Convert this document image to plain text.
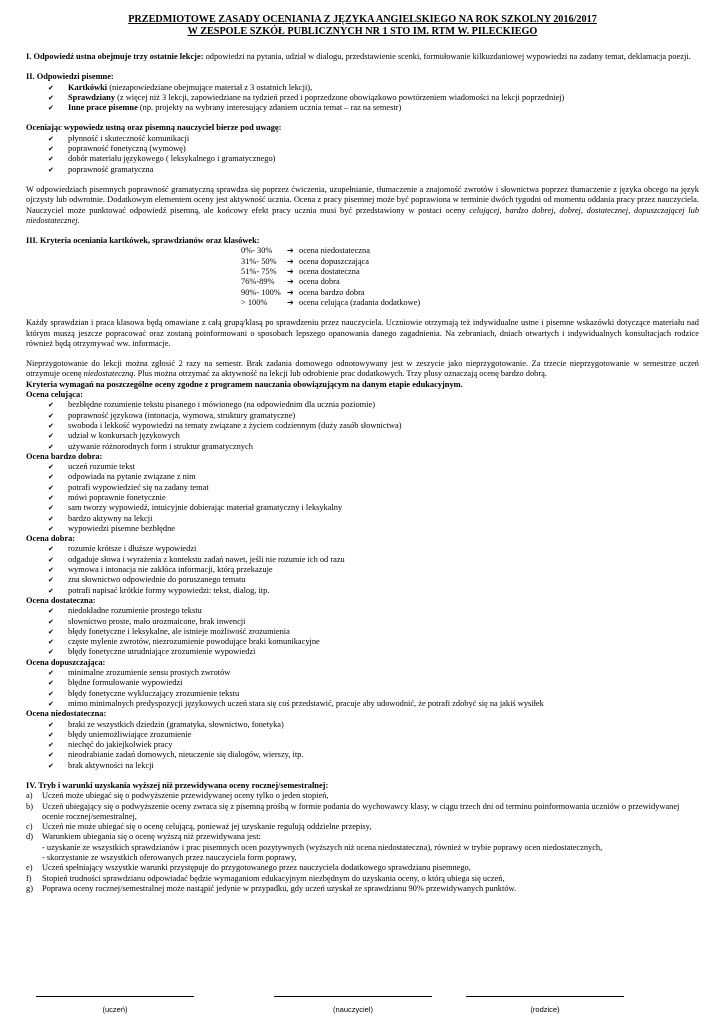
PRZEDMIOTOWE ZASADY OCENIANIA Z JĘZYKA ANGIELSKIEGO NA ROK SZKOLNY 2016/2017
W ZESPOLE SZKÓŁ PUBLICZNYCH NR 1 STO IM. RTM W. PILECKIEGO

I. Odpowiedź ustna obejmuje trzy ostatnie lekcje: odpowiedzi na pytania, udział w dialogu, przedstawienie scenki, formułowanie kilkuzdaniowej wypowiedzi na zadany temat, deklamacja poezji.

II. Odpowiedzi pisemne:
✔ Kartkówki (niezapowiedziane obejmujące materiał z 3 ostatnich lekcji),
✔ Sprawdziany (z więcej niż 3 lekcji, zapowiedziane na tydzień przed i poprzedzone obowiązkowo powtórzeniem wiadomości na lekcji poprzedniej)
✔ Inne prace pisemne (np. projekty na wybrany interesujący zdaniem ucznia temat – raz na semestr)
Oceniając wypowiedz ustną oraz pisemną nauczyciel bierze pod uwagę:
✔ płynność i skuteczność komunikacji
✔ poprawność fonetyczną (wymowę)
✔ dobór materiału językowego ( leksykalnego i gramatycznego)
✔ poprawność gramatyczna

W odpowiedziach pisemnych poprawność gramatyczną sprawdza się poprzez ćwiczenia, uzupełnianie, tłumaczenie a znajomość zwrotów i słownictwa poprzez tłumaczenie z języka obcego na język ojczysty lub odwrotnie. Dodatkowym elementem oceny jest aktywność ucznia. Ocena z pracy pisemnej może być poprawiona w terminie dwóch tygodni od momentu oddania pracy przez nauczyciela. Nauczyciel może punktować odpowiedź pisemną, ale końcowy efekt pracy ucznia musi być przedstawiony w postaci oceny celującej, bardzo dobrej, dobrej, dostatecznej, dopuszczającej lub niedostatecznej.

III. Kryteria oceniania kartkówek, sprawdzianów oraz klasówek:
0%- 30%	➔ ocena niedostateczna
31%- 50%	➔ ocena dopuszczająca
51%- 75%	➔ ocena dostateczna
76%-89%	➔ ocena dobra
90%- 100% ➔ ocena bardzo dobra
> 100%	➔ ocena celująca (zadania dodatkowe)

Każdy sprawdzian i praca klasowa będą omawiane z całą grupą/klasą po sprawdzeniu przez nauczyciela. Uczniowie otrzymają też indywidualne ustne i pisemne wskazówki dotyczące materiału nad którym muszą jeszcze popracować oraz zostaną poinformowani o sposobach lepszego opanowania danego zagadnienia. Na zebraniach, dniach otwartych i indywidualnych konsultacjach rodzice również będą otrzymywać ww. informacje.

Nieprzygotowanie do lekcji można zgłosić 2 razy na semestr. Brak zadania domowego odnotowywany jest w zeszycie jako nieprzygotowanie. Za trzecie nieprzygotowanie w semestrze uczeń otrzymuje ocenę niedostateczną. Plus można otrzymać za aktywność na lekcji lub odrobienie prac dodatkowych. Trzy plusy oznaczają ocenę bardzo dobrą.

Kryteria wymagań na poszczególne oceny zgodne z programem nauczania obowiązującym na danym etapie edukacyjnym.
Ocena celująca:
✔ bezbłędne rozumienie tekstu pisanego i mówionego (na odpowiednim dla ucznia poziomie)
✔ poprawność językowa (intonacja, wymowa, struktury gramatyczne)
✔ swoboda i lekkość wypowiedzi na tematy związane z życiem codziennym (duży zasób słownictwa)
✔ udział w konkursach językowych
✔ używanie różnorodnych form i struktur gramatycznych
Ocena bardzo dobra:
✔ uczeń rozumie tekst
✔ odpowiada na pytanie związane z nim
✔ potrafi wypowiedzieć się na zadany temat
✔ mówi poprawnie fonetycznie
✔ sam tworzy wypowiedź, intuicyjnie dobierając materiał gramatyczny i leksykalny
✔ bardzo aktywny na lekcji
✔ wypowiedzi pisemne bezbłędne
Ocena dobra:
✔ rozumie krótsze i dłuższe wypowiedzi
✔ odgaduje słowa i wyrażenia z kontekstu zadań nawet, jeśli nie rozumie ich od razu
✔ wymowa i intonacja nie zakłóca informacji, którą przekazuje
✔ zna słownictwo odpowiednie do poruszanego tematu
✔ potrafi napisać krótkie formy wypowiedzi: tekst, dialog, itp.
Ocena dostateczna:
✔ niedokładne rozumienie prostego tekstu
✔ słownictwo proste, mało urozmaicone, brak inwencji
✔ błędy fonetyczne i leksykalne, ale istnieje możliwość zrozumienia
✔ częste mylenie zwrotów, niezrozumienie powodujące braki komunikacyjne
✔ błędy fonetyczne utrudniające zrozumienie wypowiedzi
Ocena dopuszczająca:
✔ minimalne zrozumienie sensu prostych zwrotów
✔ błędne formułowanie wypowiedzi
✔ błędy fonetyczne wykluczający zrozumienie tekstu
✔ mimo minimalnych predyspozycji językowych uczeń stara się coś przedstawić, pracuje aby udowodnić, że potrafi zdobyć się na jakiś wysiłek
Ocena niedostateczna:
✔ braki ze wszystkich dziedzin (gramatyka, słownictwo, fonetyka)
✔ błędy uniemożliwiające zrozumienie
✔ niechęć do jakiejkolwiek pracy
✔ nieodrabianie zadań domowych, nieuczenie się dialogów, wierszy, itp.
✔ brak aktywności na lekcji
IV. Tryb i warunki uzyskania wyższej niż przewidywana oceny rocznej/semestralnej:
a)	Uczeń może ubiegać się o podwyższenie przewidywanej oceny tylko o jeden stopień,
b)	Uczeń ubiegający się o podwyższenie oceny zwraca się z pisemną prośbą w formie podania do wychowawcy klasy, w ciągu trzech dni od terminu poinformowania uczniów o przewidywanej ocenie rocznej/semestralnej,
c)	Uczeń nie może ubiegać się o ocenę celującą, ponieważ jej uzyskanie regulują oddzielne przepisy,
d)	Warunkiem ubiegania się o ocenę wyższą niż przewidywana jest:
- uzyskanie ze wszystkich sprawdzianów i prac pisemnych ocen pozytywnych (wyższych niż ocena niedostateczna), również w trybie poprawy ocen niedostatecznych,
- skorzystanie ze wszystkich oferowanych przez nauczyciela form poprawy,
e)	Uczeń spełniający wszystkie warunki przystępuje do przygotowanego przez nauczyciela dodatkowego sprawdzianu pisemnego,
f)	Stopień trudności sprawdzianu odpowiadać będzie wymaganiom edukacyjnym niezbędnym do uzyskania oceny, o którą ubiega się uczeń,
g)	Poprawa oceny rocznej/semestralnej może nastąpić jedynie w przypadku, gdy uczeń uzyskał ze sprawdzianu 90% przewidywanych punktów.
(uczeń)	(nauczyciel)	(rodzice)
